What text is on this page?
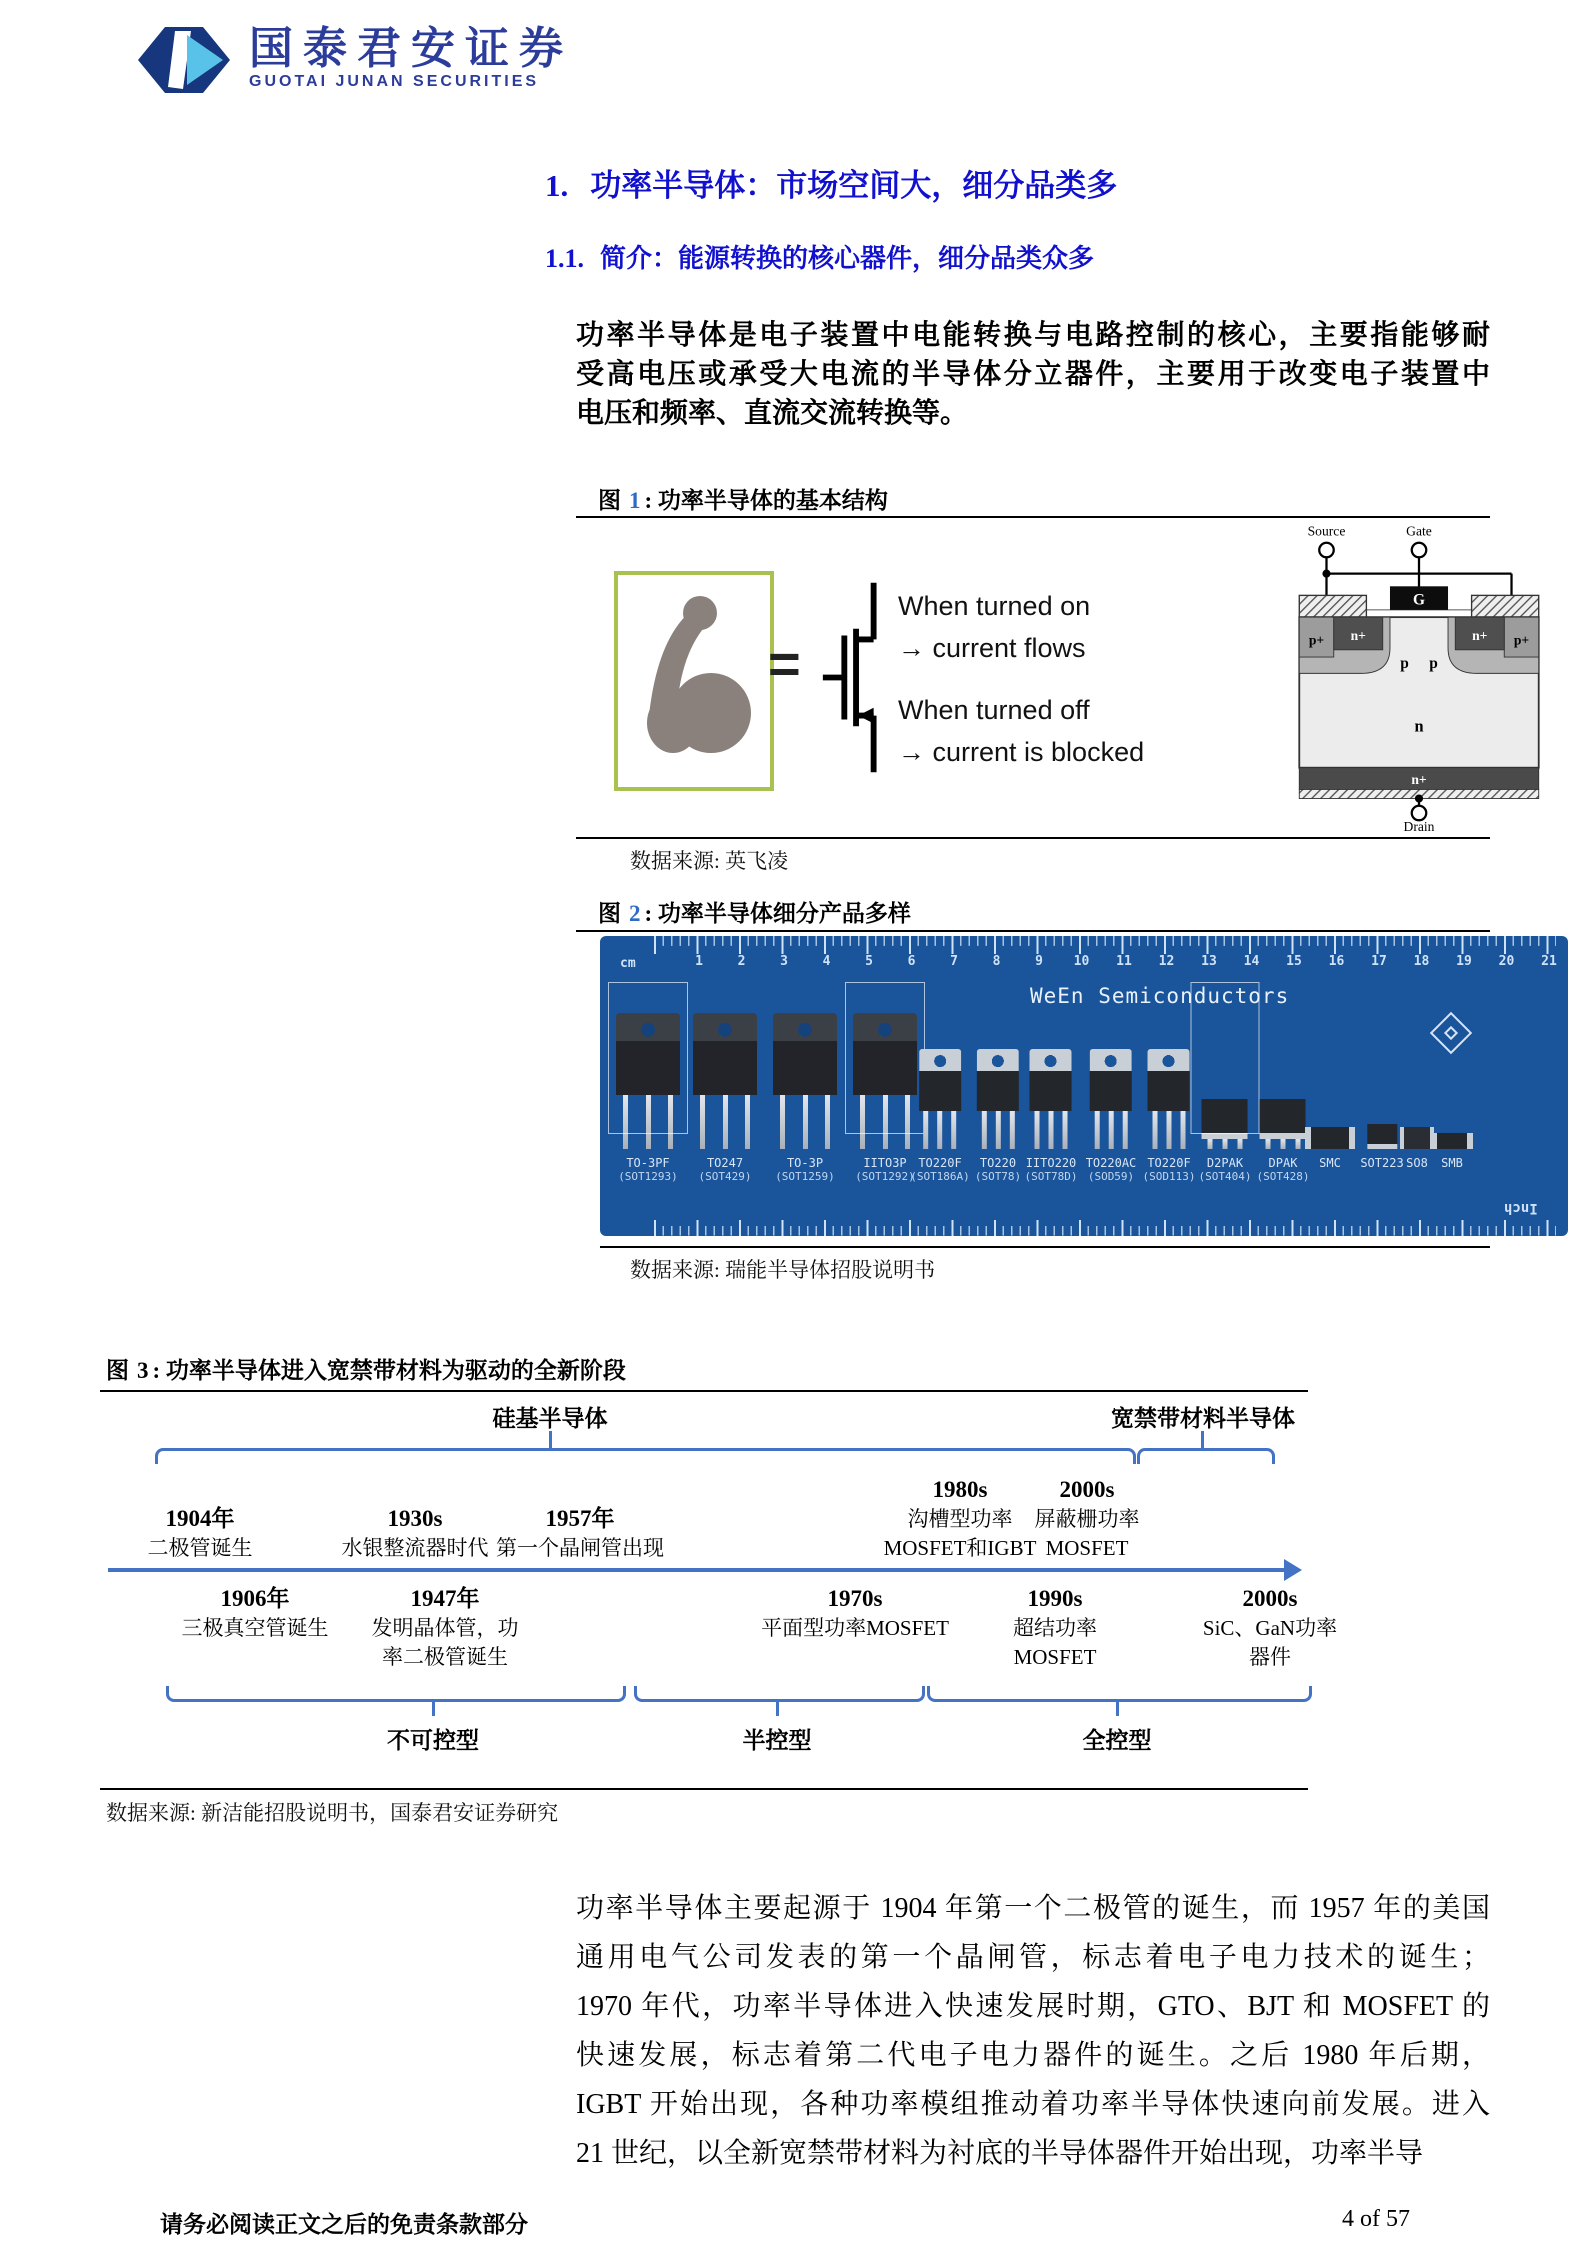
国泰君安证券
GUOTAI JUNAN SECURITIES
1. 功率半导体：市场空间大，细分品类多
1.1. 简介：能源转换的核心器件，细分品类众多
功率半导体是电子装置中电能转换与电路控制的核心，主要指能够耐
受高电压或承受大电流的半导体分立器件，主要用于改变电子装置中
电压和频率、直流交流转换等。
图 1 : 功率半导体的基本结构
=
When turned on
→ current flows
When turned off
→ current is blocked
Source	Gate
G
p+	p+
n+	n+
p p
n
n+
Drain
数据来源: 英飞凌
图 2 : 功率半导体细分产品多样
cm	1	2	3	4	5	6	7	8	9 10 11 12 13 14 15 16 17 18 19 20 21
WeEn Semiconductors
TO-3PF
(SOT1293)
TO247
(SOT429)
TO-3P
(SOT1259)
IITO3P
(SOT1292)
TO220F
(SOT186A)
TO220
(SOT78)
IITO220
(SOT78D)
TO220AC
(SOD59)
TO220F
(SOD113)
D2PAK
(SOT404)
DPAK
(SOT428)
SMC SOT223 SO8 SMB
Inch
数据来源: 瑞能半导体招股说明书
图 3 : 功率半导体进入宽禁带材料为驱动的全新阶段
硅基半导体	宽禁带材料半导体
1904年
二极管诞生
1930s
水银整流器时代
1957年
第一个晶闸管出现
1980s
沟槽型功率
MOSFET和IGBT
2000s
屏蔽栅功率
MOSFET
1906年
三极真空管诞生
1947年
发明晶体管，功
率二极管诞生
1970s
平面型功率MOSFET
1990s
超结功率
MOSFET
2000s
SiC、GaN功率
器件
不可控型	半控型	全控型
数据来源: 新洁能招股说明书，国泰君安证券研究
功率半导体主要起源于 1904 年第一个二极管的诞生，而 1957 年的美国
通用电气公司发表的第一个晶闸管，标志着电子电力技术的诞生；
1970 年代，功率半导体进入快速发展时期，GTO、BJT 和 MOSFET 的
快速发展，标志着第二代电子电力器件的诞生。之后 1980 年后期，
IGBT 开始出现，各种功率模组推动着功率半导体快速向前发展。进入
21 世纪，以全新宽禁带材料为衬底的半导体器件开始出现，功率半导
请务必阅读正文之后的免责条款部分	4 of 57
